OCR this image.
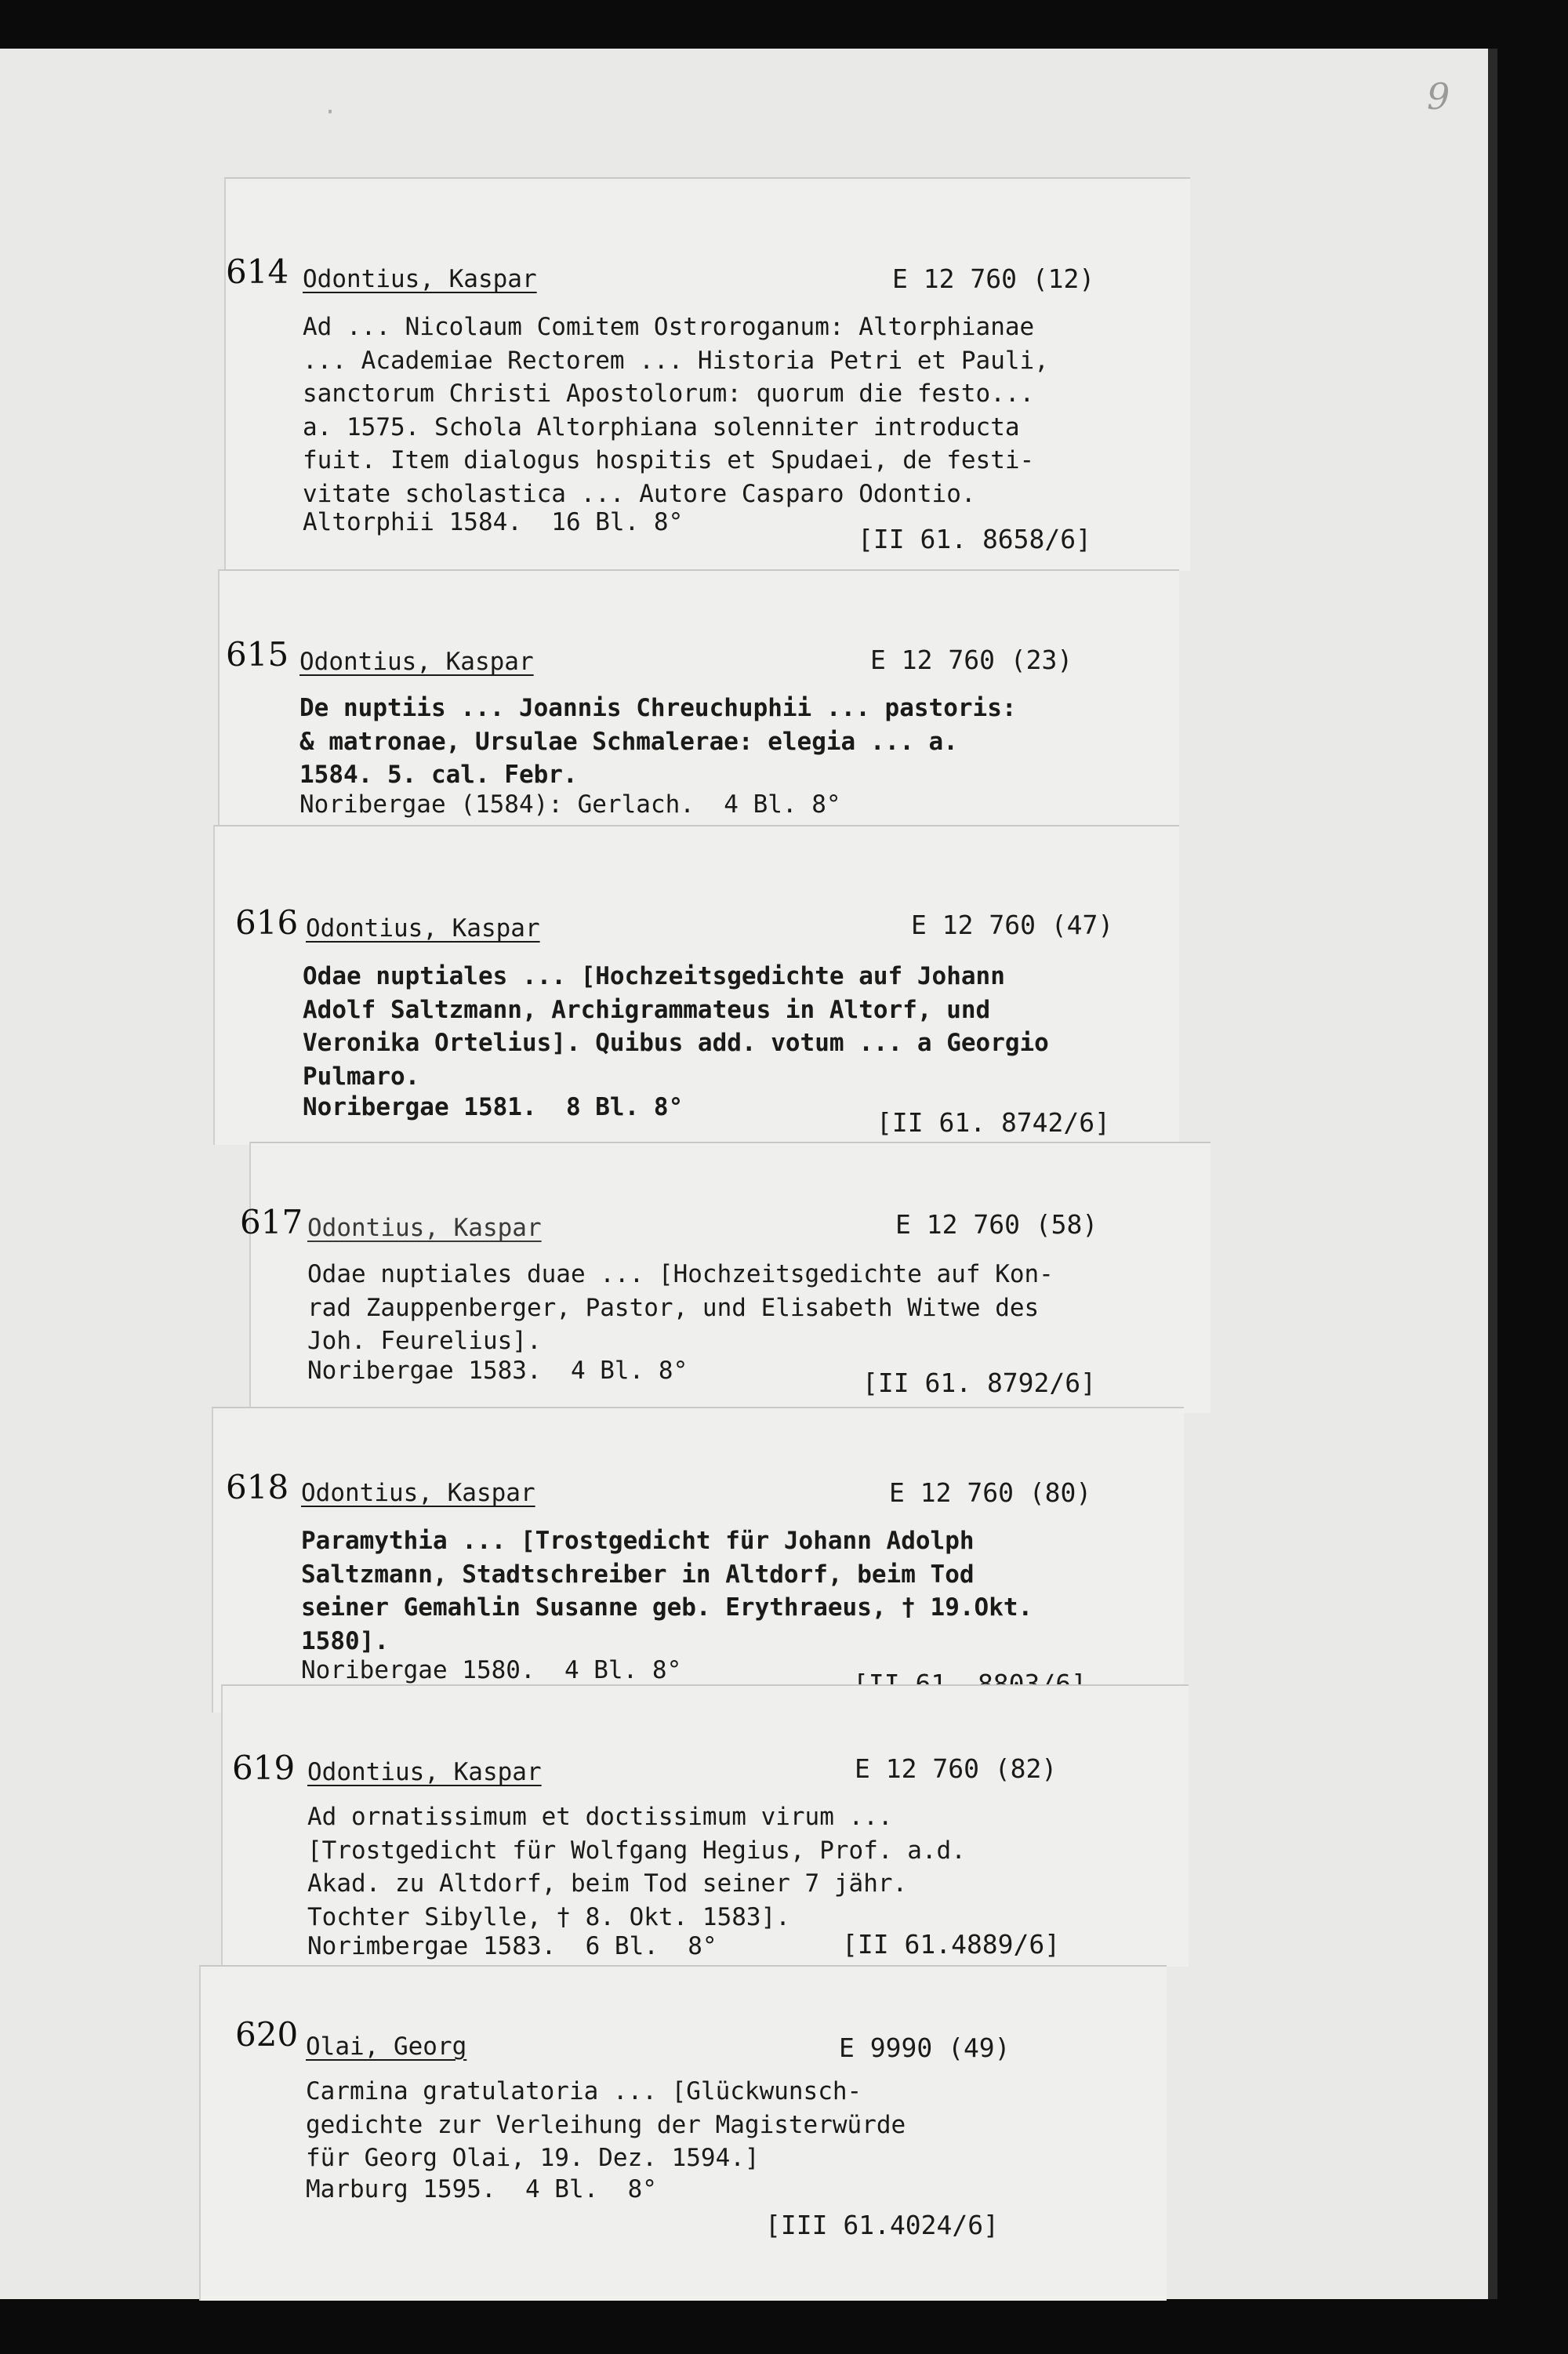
9
·
614 Odontius, Kaspar	E 12 760 (12)
Ad ... Nicolaum Comitem Ostroroganum: Altorphianae
... Academiae Rectorem ... Historia Petri et Pauli,
sanctorum Christi Apostolorum: quorum die festo...
a. 1575. Schola Altorphiana solenniter introducta
fuit. Item dialogus hospitis et Spudaei, de festi-
vitate scholastica ... Autore Casparo Odontio.
Altorphii 1584.  16 Bl. 8°
[II 61. 8658/6]
615 Odontius, Kaspar	E 12 760 (23)
De nuptiis ... Joannis Chreuchuphii ... pastoris:
& matronae, Ursulae Schmalerae: elegia ... a.
1584. 5. cal. Febr.
Noribergae (1584): Gerlach.  4 Bl. 8°
616 Odontius, Kaspar	E 12 760 (47)
Odae nuptiales ... [Hochzeitsgedichte auf Johann
Adolf Saltzmann, Archigrammateus in Altorf, und
Veronika Ortelius]. Quibus add. votum ... a Georgio
Pulmaro.
Noribergae 1581.  8 Bl. 8°	[II 61. 8742/6]
617 Odontius, Kaspar	E 12 760 (58)
Odae nuptiales duae ... [Hochzeitsgedichte auf Kon-
rad Zauppenberger, Pastor, und Elisabeth Witwe des
Joh. Feurelius].
Noribergae 1583.  4 Bl. 8°	[II 61. 8792/6]
618 Odontius, Kaspar	E 12 760 (80)
Paramythia ... [Trostgedicht für Johann Adolph
Saltzmann, Stadtschreiber in Altdorf, beim Tod
seiner Gemahlin Susanne geb. Erythraeus, † 19.Okt.
1580].
Noribergae 1580.  4 Bl. 8°
619 Odontius, Kaspar	E 12 760 (82)
Ad ornatissimum et doctissimum virum ...
[Trostgedicht für Wolfgang Hegius, Prof. a.d.
Akad. zu Altdorf, beim Tod seiner 7 jähr.
Tochter Sibylle, † 8. Okt. 1583].
Norimbergae 1583.  6 Bl.  8°	[II 61.4889/6]
620 Olai, Georg	E 9990 (49)
Carmina gratulatoria ... [Glückwunsch-
gedichte zur Verleihung der Magisterwürde
für Georg Olai, 19. Dez. 1594.]
Marburg 1595.  4 Bl.  8°
[III 61.4024/6]
